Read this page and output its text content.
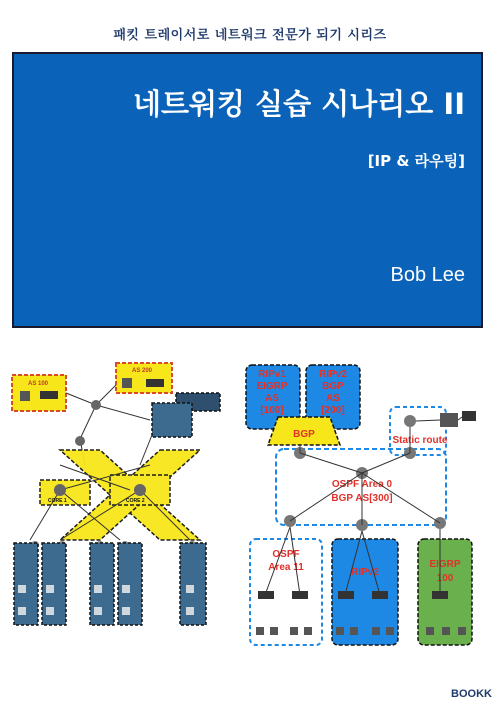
패킷 트레이서로 네트워크 전문가 되기 시리즈
네트워킹 실습 시나리오 II
[IP & 라우팅]
Bob Lee
AS 100
AS 200
CORE 1	CORE 2
RIPv1 EIGRP AS [100]
RIPv2 BGP AS [200]
BGP
Static route
OSPF Area 0 BGP AS[300]
OSPF Area 11	RIPv2
EIGRP 100
BOOKK
